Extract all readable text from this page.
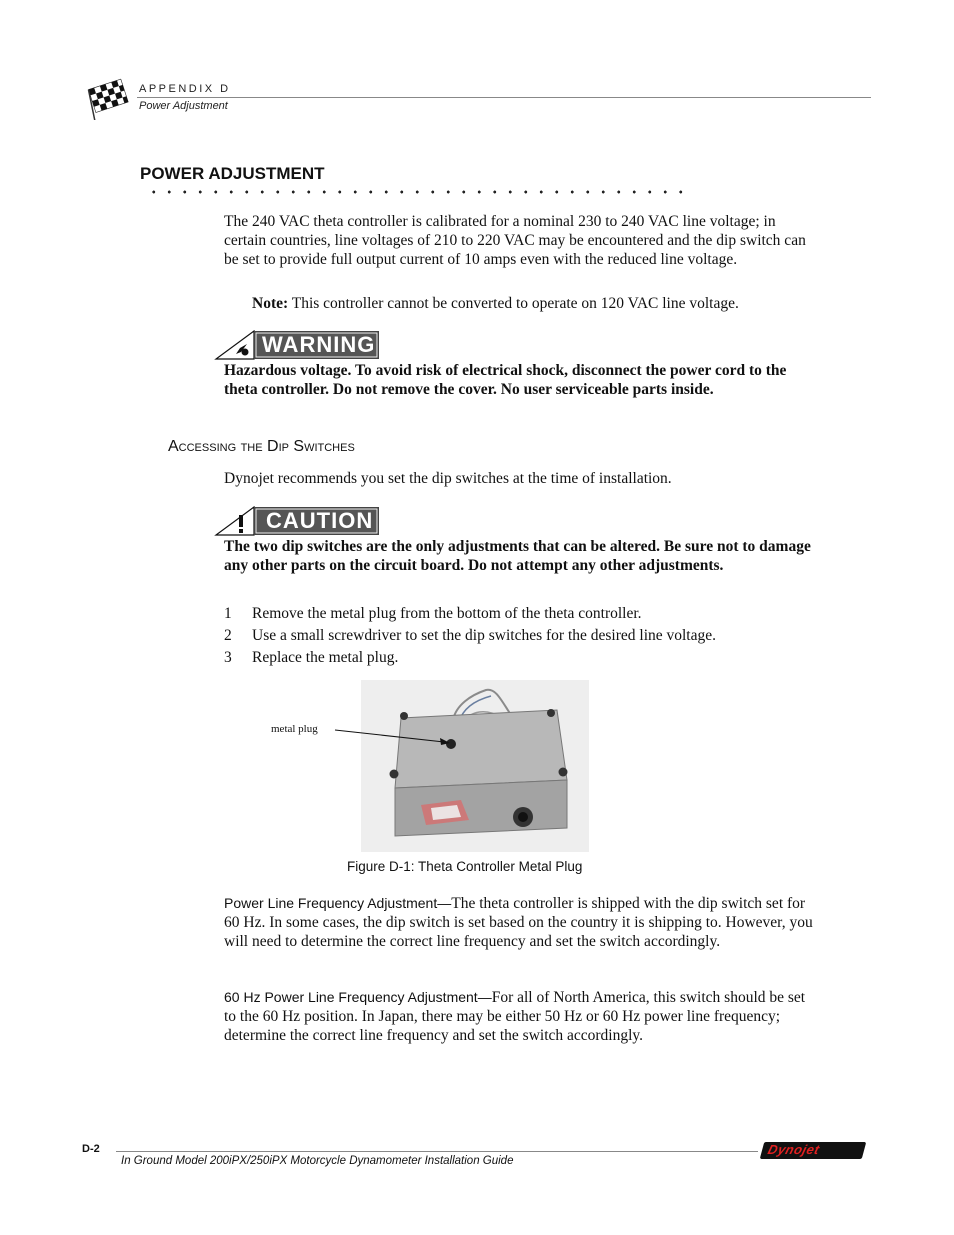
APPENDIX D
Power Adjustment
POWER ADJUSTMENT
The 240 VAC theta controller is calibrated for a nominal 230 to 240 VAC line voltage; in certain countries, line voltages of 210 to 220 VAC may be encountered and the dip switch can be set to provide full output current of 10 amps even with the reduced line voltage.
Note: This controller cannot be converted to operate on 120 VAC line voltage.
WARNING
Hazardous voltage. To avoid risk of electrical shock, disconnect the power cord to the theta controller. Do not remove the cover. No user serviceable parts inside.
Accessing the Dip Switches
Dynojet recommends you set the dip switches at the time of installation.
CAUTION
The two dip switches are the only adjustments that can be altered. Be sure not to damage any other parts on the circuit board. Do not attempt any other adjustments.
1 Remove the metal plug from the bottom of the theta controller.
2 Use a small screwdriver to set the dip switches for the desired line voltage.
3 Replace the metal plug.
metal plug
Figure D-1: Theta Controller Metal Plug
Power Line Frequency Adjustment—The theta controller is shipped with the dip switch set for 60 Hz. In some cases, the dip switch is set based on the country it is shipping to. However, you will need to determine the correct line frequency and set the switch accordingly.
60 Hz Power Line Frequency Adjustment—For all of North America, this switch should be set to the 60 Hz position. In Japan, there may be either 50 Hz or 60 Hz power line frequency; determine the correct line frequency and set the switch accordingly.
D-2
In Ground Model 200iPX/250iPX Motorcycle Dynamometer Installation Guide
Dynojet
